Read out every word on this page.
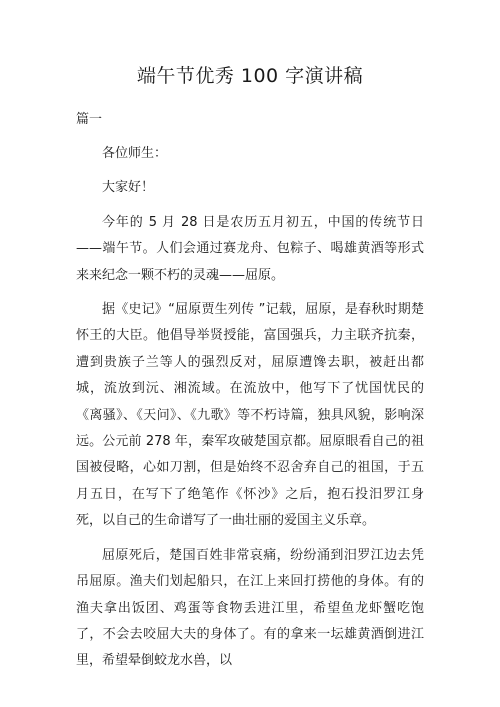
端午节优秀 100 字演讲稿

篇一

各位师生：

大家好！

今年的 5 月 28 日是农历五月初五，中国的传统节日 ——端午节。人们会通过赛龙舟、包粽子、喝雄黄酒等形式来来纪念一颗不朽的灵魂——屈原。

据《史记》“屈原贾生列传 ”记载，屈原，是春秋时期楚怀王的大臣。他倡导举贤授能，富国强兵，力主联齐抗秦，遭到贵族子兰等人的强烈反对，屈原遭馋去职，被赶出都城，流放到沅、湘流域。在流放中，他写下了忧国忧民的《离骚》、《天问》、《九歌》等不朽诗篇，独具风貌，影响深远。公元前 278 年，秦军攻破楚国京都。屈原眼看自己的祖国被侵略，心如刀割，但是始终不忍舍弃自己的祖国，于五月五日，在写下了绝笔作《怀沙》之后，抱石投汨罗江身死，以自己的生命谱写了一曲壮丽的爱国主义乐章。

屈原死后，楚国百姓非常哀痛，纷纷涌到汨罗江边去凭吊屈原。渔夫们划起船只，在江上来回打捞他的身体。有的渔夫拿出饭团、鸡蛋等食物丢进江里，希望鱼龙虾蟹吃饱了，不会去咬屈大夫的身体了。有的拿来一坛雄黄酒倒进江里，希望晕倒蛟龙水兽，以
